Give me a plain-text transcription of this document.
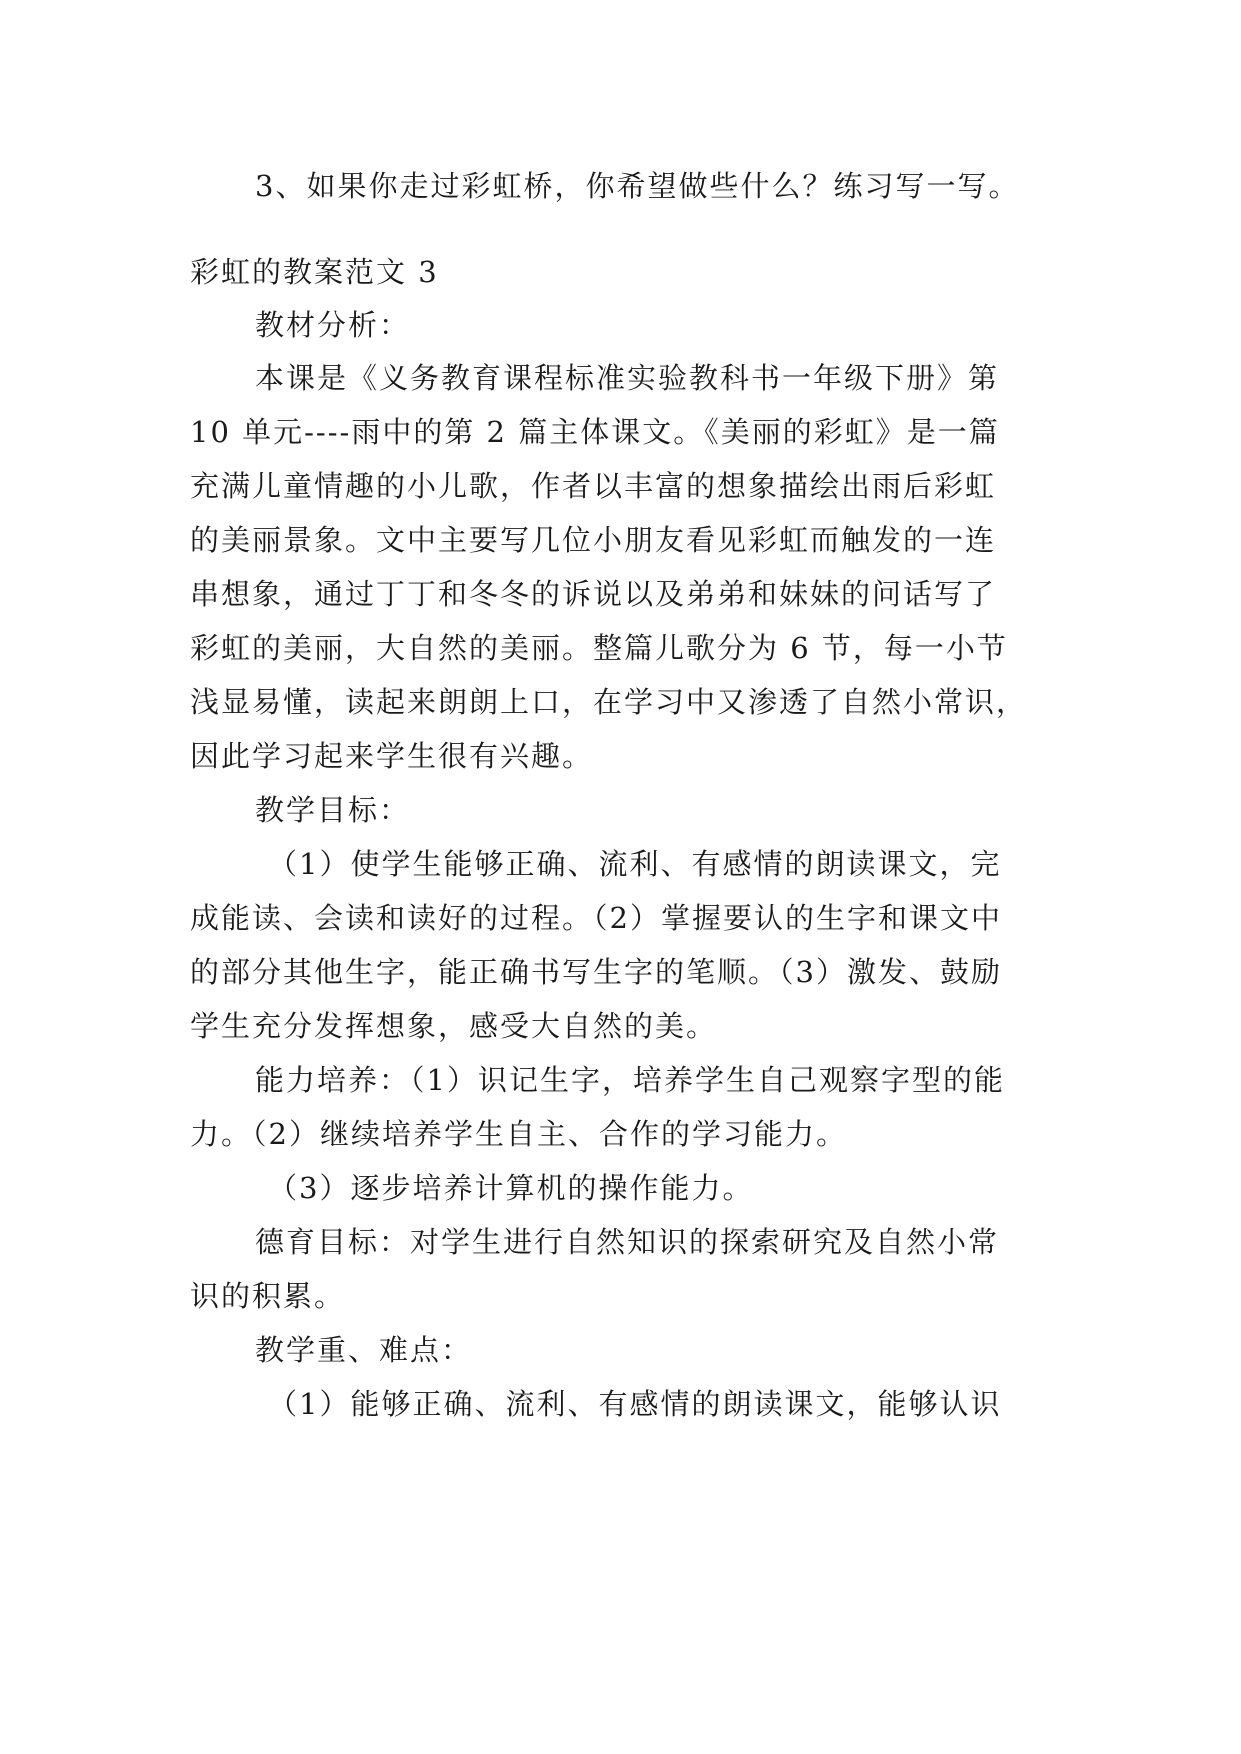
3、如果你走过彩虹桥，你希望做些什么？练习写一写。
彩虹的教案范文 3
教材分析：
本课是《义务教育课程标准实验教科书一年级下册》第
10 单元----雨中的第 2 篇主体课文。《美丽的彩虹》是一篇
充满儿童情趣的小儿歌，作者以丰富的想象描绘出雨后彩虹
的美丽景象。文中主要写几位小朋友看见彩虹而触发的一连
串想象，通过丁丁和冬冬的诉说以及弟弟和妹妹的问话写了
彩虹的美丽，大自然的美丽。整篇儿歌分为 6 节，每一小节
浅显易懂，读起来朗朗上口，在学习中又渗透了自然小常识，
因此学习起来学生很有兴趣。
教学目标：
（1）使学生能够正确、流利、有感情的朗读课文，完
成能读、会读和读好的过程。（2）掌握要认的生字和课文中
的部分其他生字，能正确书写生字的笔顺。（3）激发、鼓励
学生充分发挥想象，感受大自然的美。
能力培养：（1）识记生字，培养学生自己观察字型的能
力。（2）继续培养学生自主、合作的学习能力。
（3）逐步培养计算机的操作能力。
德育目标：对学生进行自然知识的探索研究及自然小常
识的积累。
教学重、难点：
（1）能够正确、流利、有感情的朗读课文，能够认识
